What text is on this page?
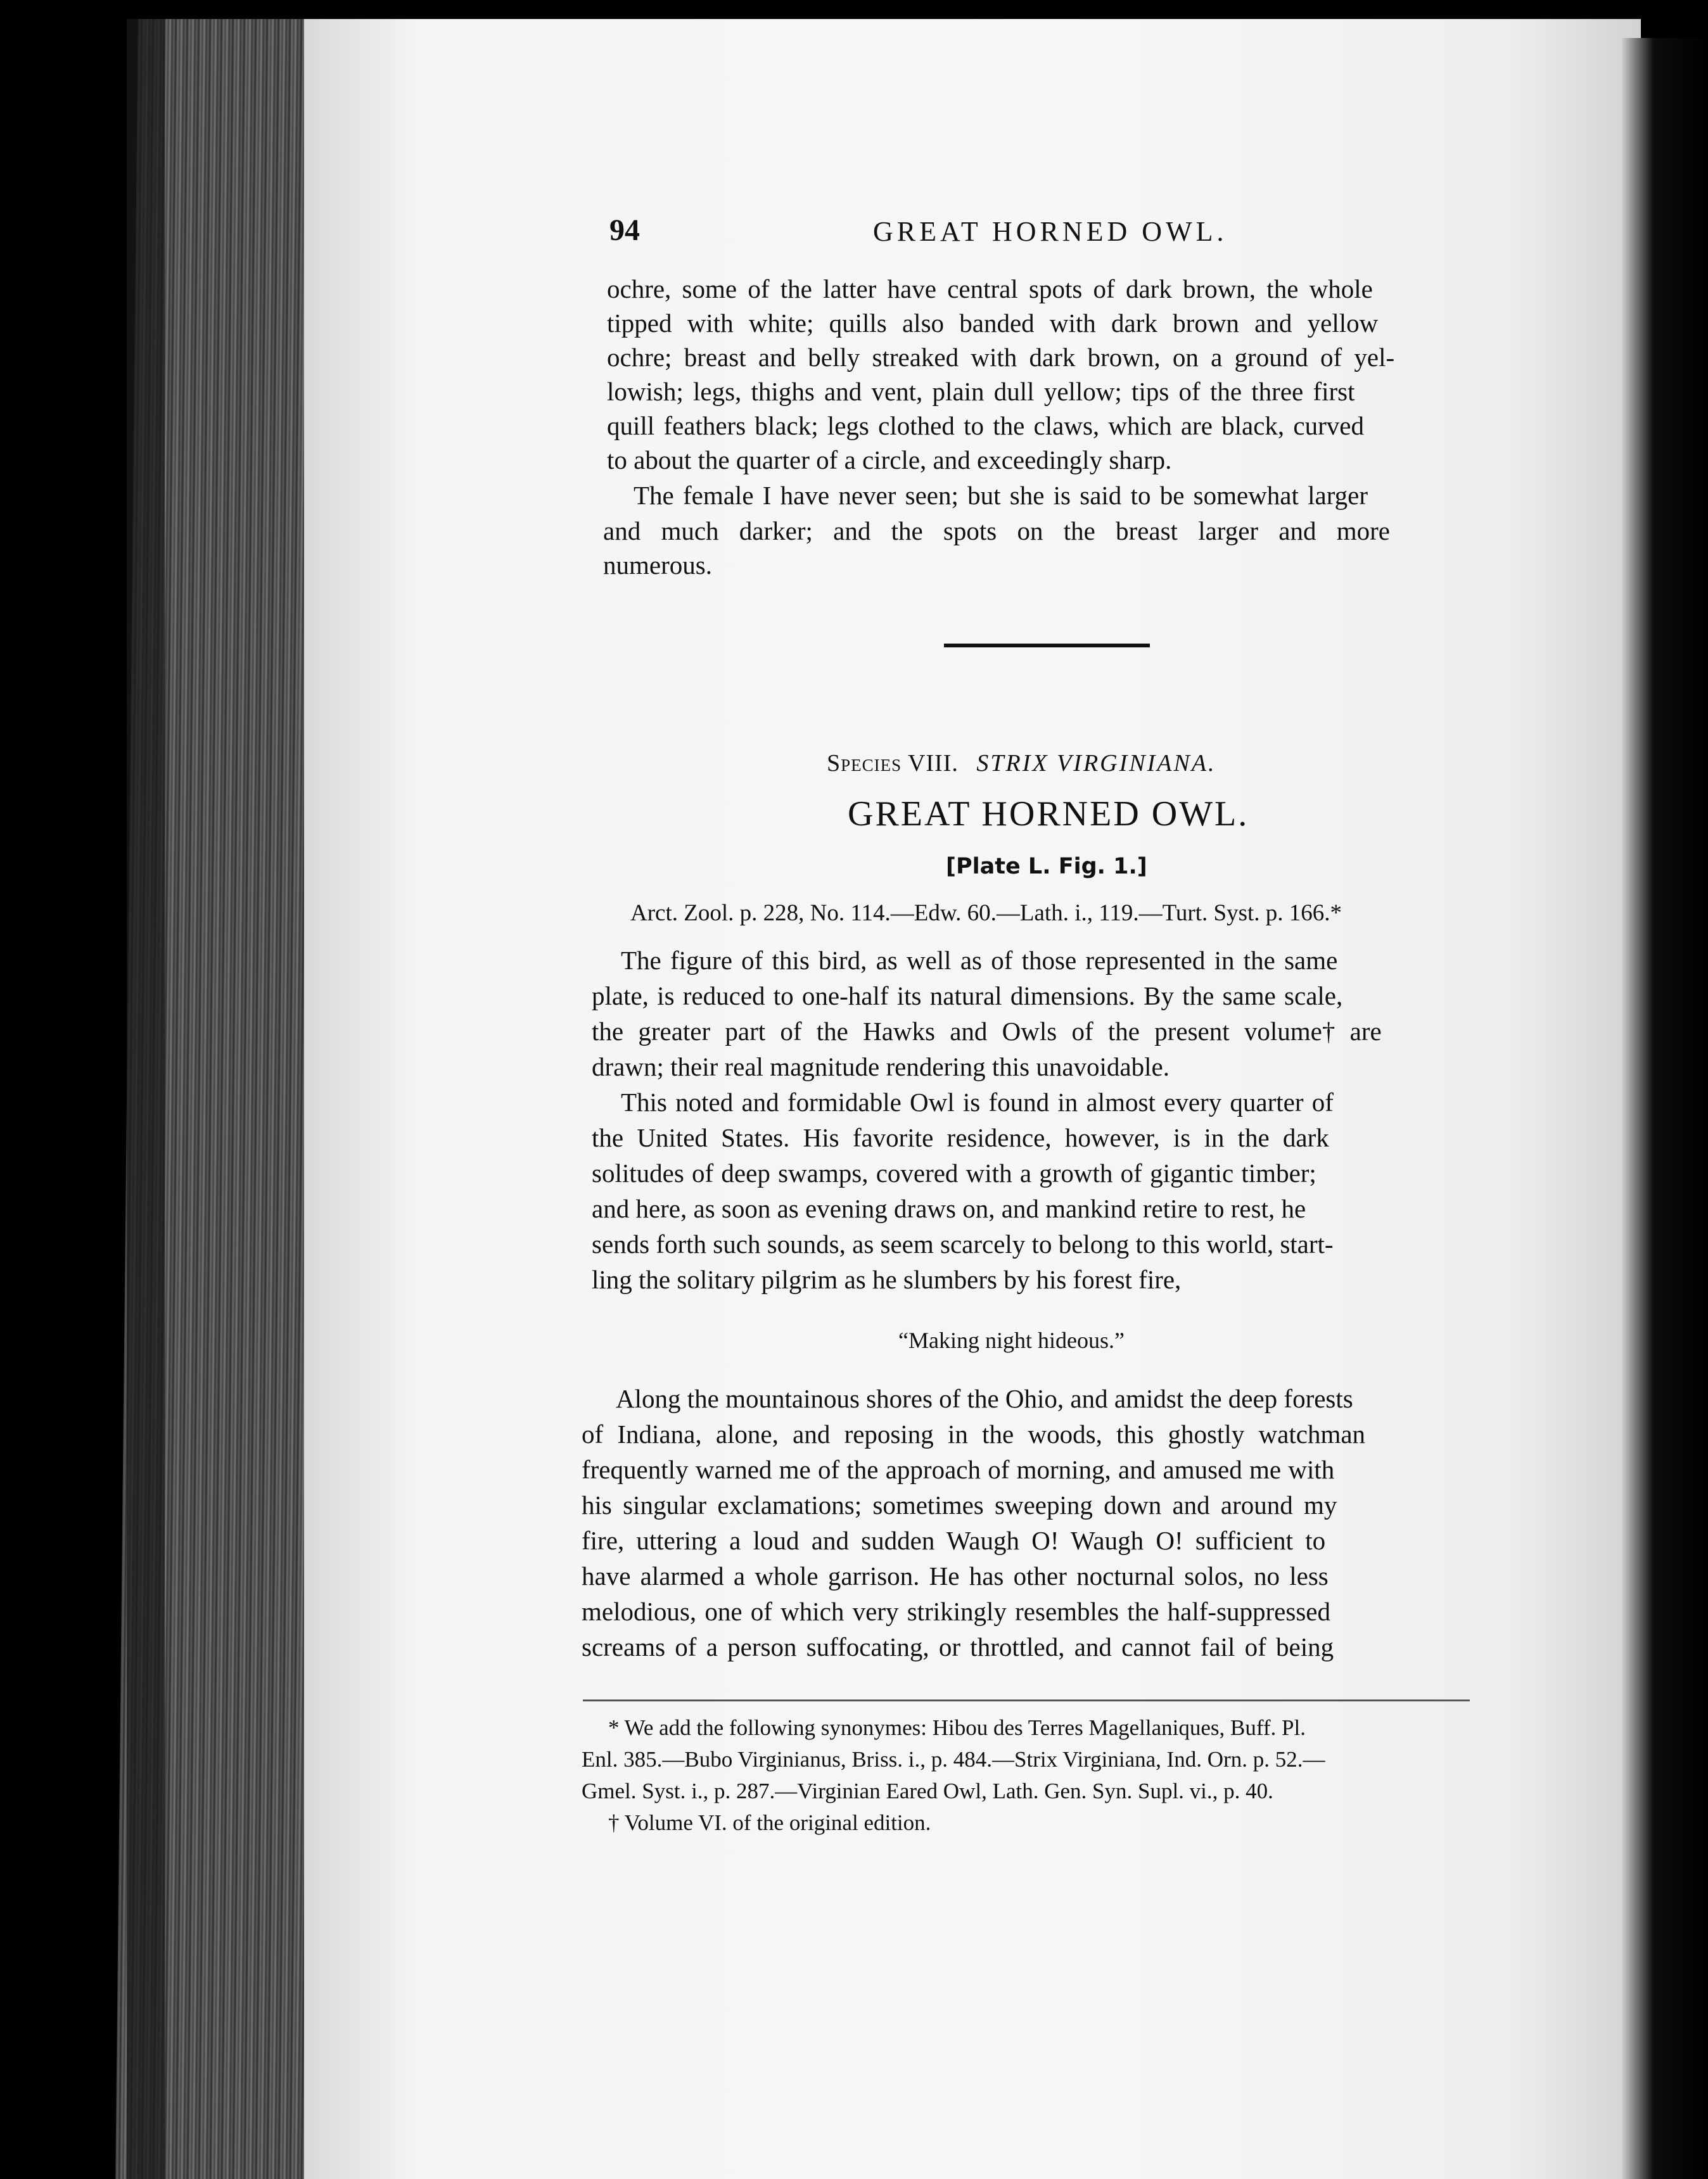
94	GREAT HORNED OWL.
ochre, some of the latter have central spots of dark brown, the whole
tipped with white; quills also banded with dark brown and yellow
ochre; breast and belly streaked with dark brown, on a ground of yel-
lowish; legs, thighs and vent, plain dull yellow; tips of the three first
quill feathers black; legs clothed to the claws, which are black, curved
to about the quarter of a circle, and exceedingly sharp.
The female I have never seen; but she is said to be somewhat larger
and much darker; and the spots on the breast larger and more
numerous.
Species VIII. STRIX VIRGINIANA.
GREAT HORNED OWL.
[Plate L. Fig. 1.]
Arct. Zool. p. 228, No. 114.—Edw. 60.—Lath. i., 119.—Turt. Syst. p. 166.*
The figure of this bird, as well as of those represented in the same
plate, is reduced to one-half its natural dimensions. By the same scale,
the greater part of the Hawks and Owls of the present volume† are
drawn; their real magnitude rendering this unavoidable.
This noted and formidable Owl is found in almost every quarter of
the United States. His favorite residence, however, is in the dark
solitudes of deep swamps, covered with a growth of gigantic timber;
and here, as soon as evening draws on, and mankind retire to rest, he
sends forth such sounds, as seem scarcely to belong to this world, start-
ling the solitary pilgrim as he slumbers by his forest fire,
“Making night hideous.”
Along the mountainous shores of the Ohio, and amidst the deep forests
of Indiana, alone, and reposing in the woods, this ghostly watchman
frequently warned me of the approach of morning, and amused me with
his singular exclamations; sometimes sweeping down and around my
fire, uttering a loud and sudden Waugh O! Waugh O! sufficient to
have alarmed a whole garrison. He has other nocturnal solos, no less
melodious, one of which very strikingly resembles the half-suppressed
screams of a person suffocating, or throttled, and cannot fail of being
* We add the following synonymes: Hibou des Terres Magellaniques, Buff. Pl.
Enl. 385.—Bubo Virginianus, Briss. i., p. 484.—Strix Virginiana, Ind. Orn. p. 52.—
Gmel. Syst. i., p. 287.—Virginian Eared Owl, Lath. Gen. Syn. Supl. vi., p. 40.
† Volume VI. of the original edition.
